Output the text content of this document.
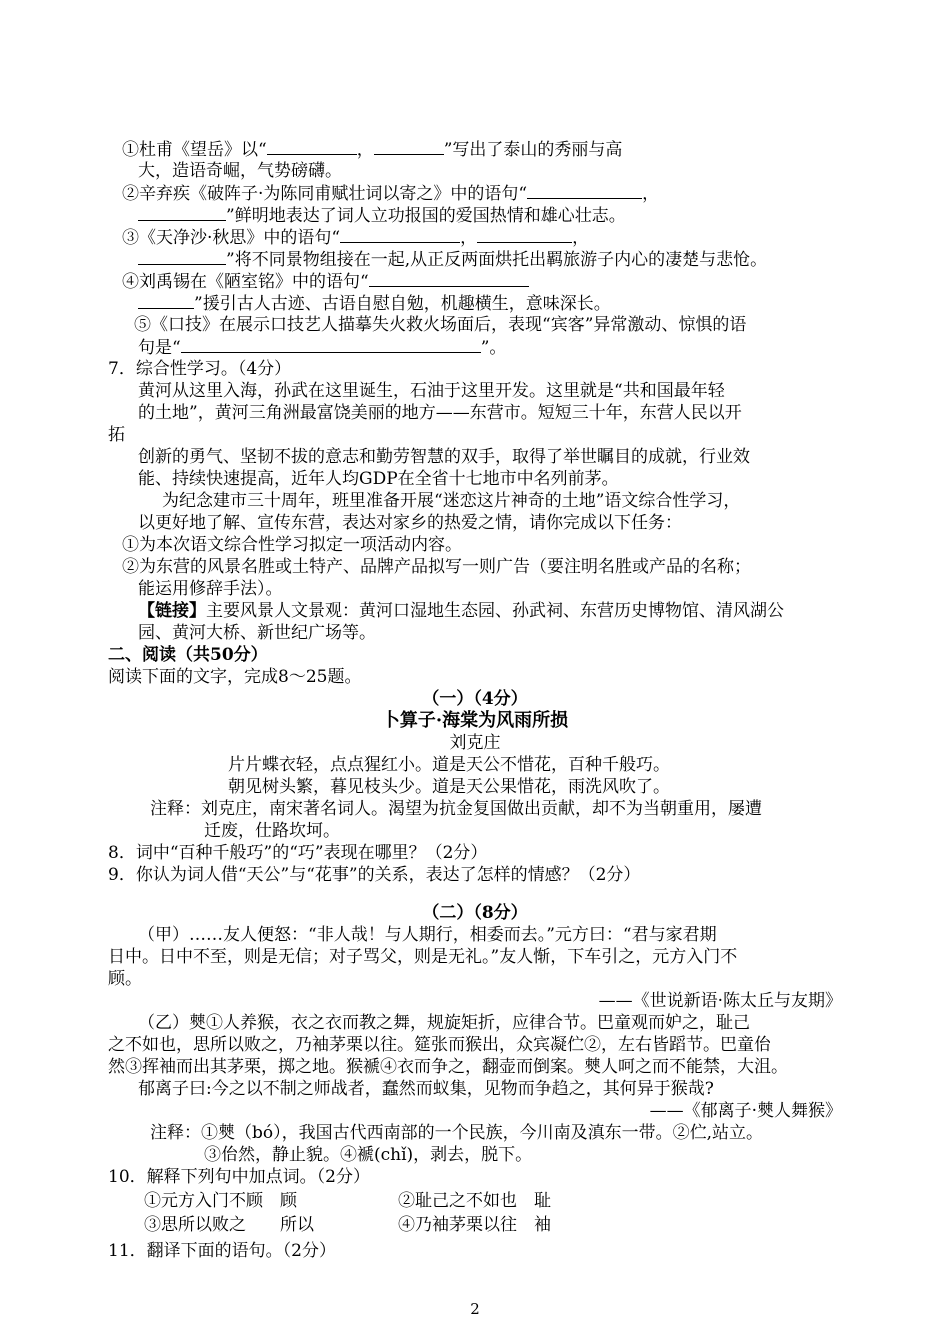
①杜甫《望岳》以“	，	”写出了泰山的秀丽与高
大，造语奇崛，气势磅礴。
②辛弃疾《破阵子·为陈同甫赋壮词以寄之》中的语句“	，
”鲜明地表达了词人立功报国的爱国热情和雄心壮志。
③《天净沙·秋思》中的语句“	，	，
”将不同景物组接在一起,从正反两面烘托出羁旅游子内心的凄楚与悲怆。
④刘禹锡在《陋室铭》中的语句“
”援引古人古迹、古语自慰自勉，机趣横生，意味深长。
⑤《口技》在展示口技艺人描摹失火救火场面后，表现“宾客”异常激动、惊惧的语
句是“	”。
7．综合性学习。（4分）
黄河从这里入海，孙武在这里诞生，石油于这里开发。这里就是“共和国最年轻
的土地”，黄河三角洲最富饶美丽的地方——东营市。短短三十年，东营人民以开
拓
创新的勇气、坚韧不拔的意志和勤劳智慧的双手，取得了举世瞩目的成就，行业效
能、持续快速提高，近年人均GDP在全省十七地市中名列前茅。
为纪念建市三十周年，班里准备开展“迷恋这片神奇的土地”语文综合性学习，
以更好地了解、宣传东营，表达对家乡的热爱之情，请你完成以下任务：
①为本次语文综合性学习拟定一项活动内容。
②为东营的风景名胜或土特产、品牌产品拟写一则广告（要注明名胜或产品的名称；
能运用修辞手法）。
【链接】主要风景人文景观：黄河口湿地生态园、孙武祠、东营历史博物馆、清风湖公
园、黄河大桥、新世纪广场等。
二、阅读（共50分）
阅读下面的文字，完成8～25题。
（一）（4分）
卜算子·海棠为风雨所损
刘克庄
片片蝶衣轻，点点猩红小。道是天公不惜花，百种千般巧。
朝见树头繁，暮见枝头少。道是天公果惜花，雨洗风吹了。
注释：刘克庄，南宋著名词人。渴望为抗金复国做出贡献，却不为当朝重用，屡遭
迁废，仕路坎坷。
8．词中“百种千般巧”的“巧”表现在哪里？（2分）
9．你认为词人借“天公”与“花事”的关系，表达了怎样的情感？（2分）
（二）（8分）
（甲）……友人便怒：“非人哉！与人期行，相委而去。”元方曰：“君与家君期
日中。日中不至，则是无信；对子骂父，则是无礼。”友人惭，下车引之，元方入门不
顾。
——《世说新语·陈太丘与友期》
（乙）僰①人养猴，衣之衣而教之舞，规旋矩折，应律合节。巴童观而妒之，耻己
之不如也，思所以败之，乃袖茅栗以往。筵张而猴出，众宾凝伫②，左右皆蹈节。巴童佁
然③挥袖而出其茅栗，掷之地。猴褫④衣而争之，翻壶而倒案。僰人呵之而不能禁，大沮。
郁离子曰:今之以不制之师战者，蠢然而蚁集，见物而争趋之，其何异于猴哉?
——《郁离子·僰人舞猴》
注释：①僰（bó），我国古代西南部的一个民族，今川南及滇东一带。②伫,站立。
③佁然，静止貌。④褫(chǐ)，剥去，脱下。
10．解释下列句中加点词。（2分）
①元方入门不顾　顾	②耻己之不如也　耻
③思所以败之　　所以	④乃袖茅栗以往　袖
11．翻译下面的语句。（2分）
2
